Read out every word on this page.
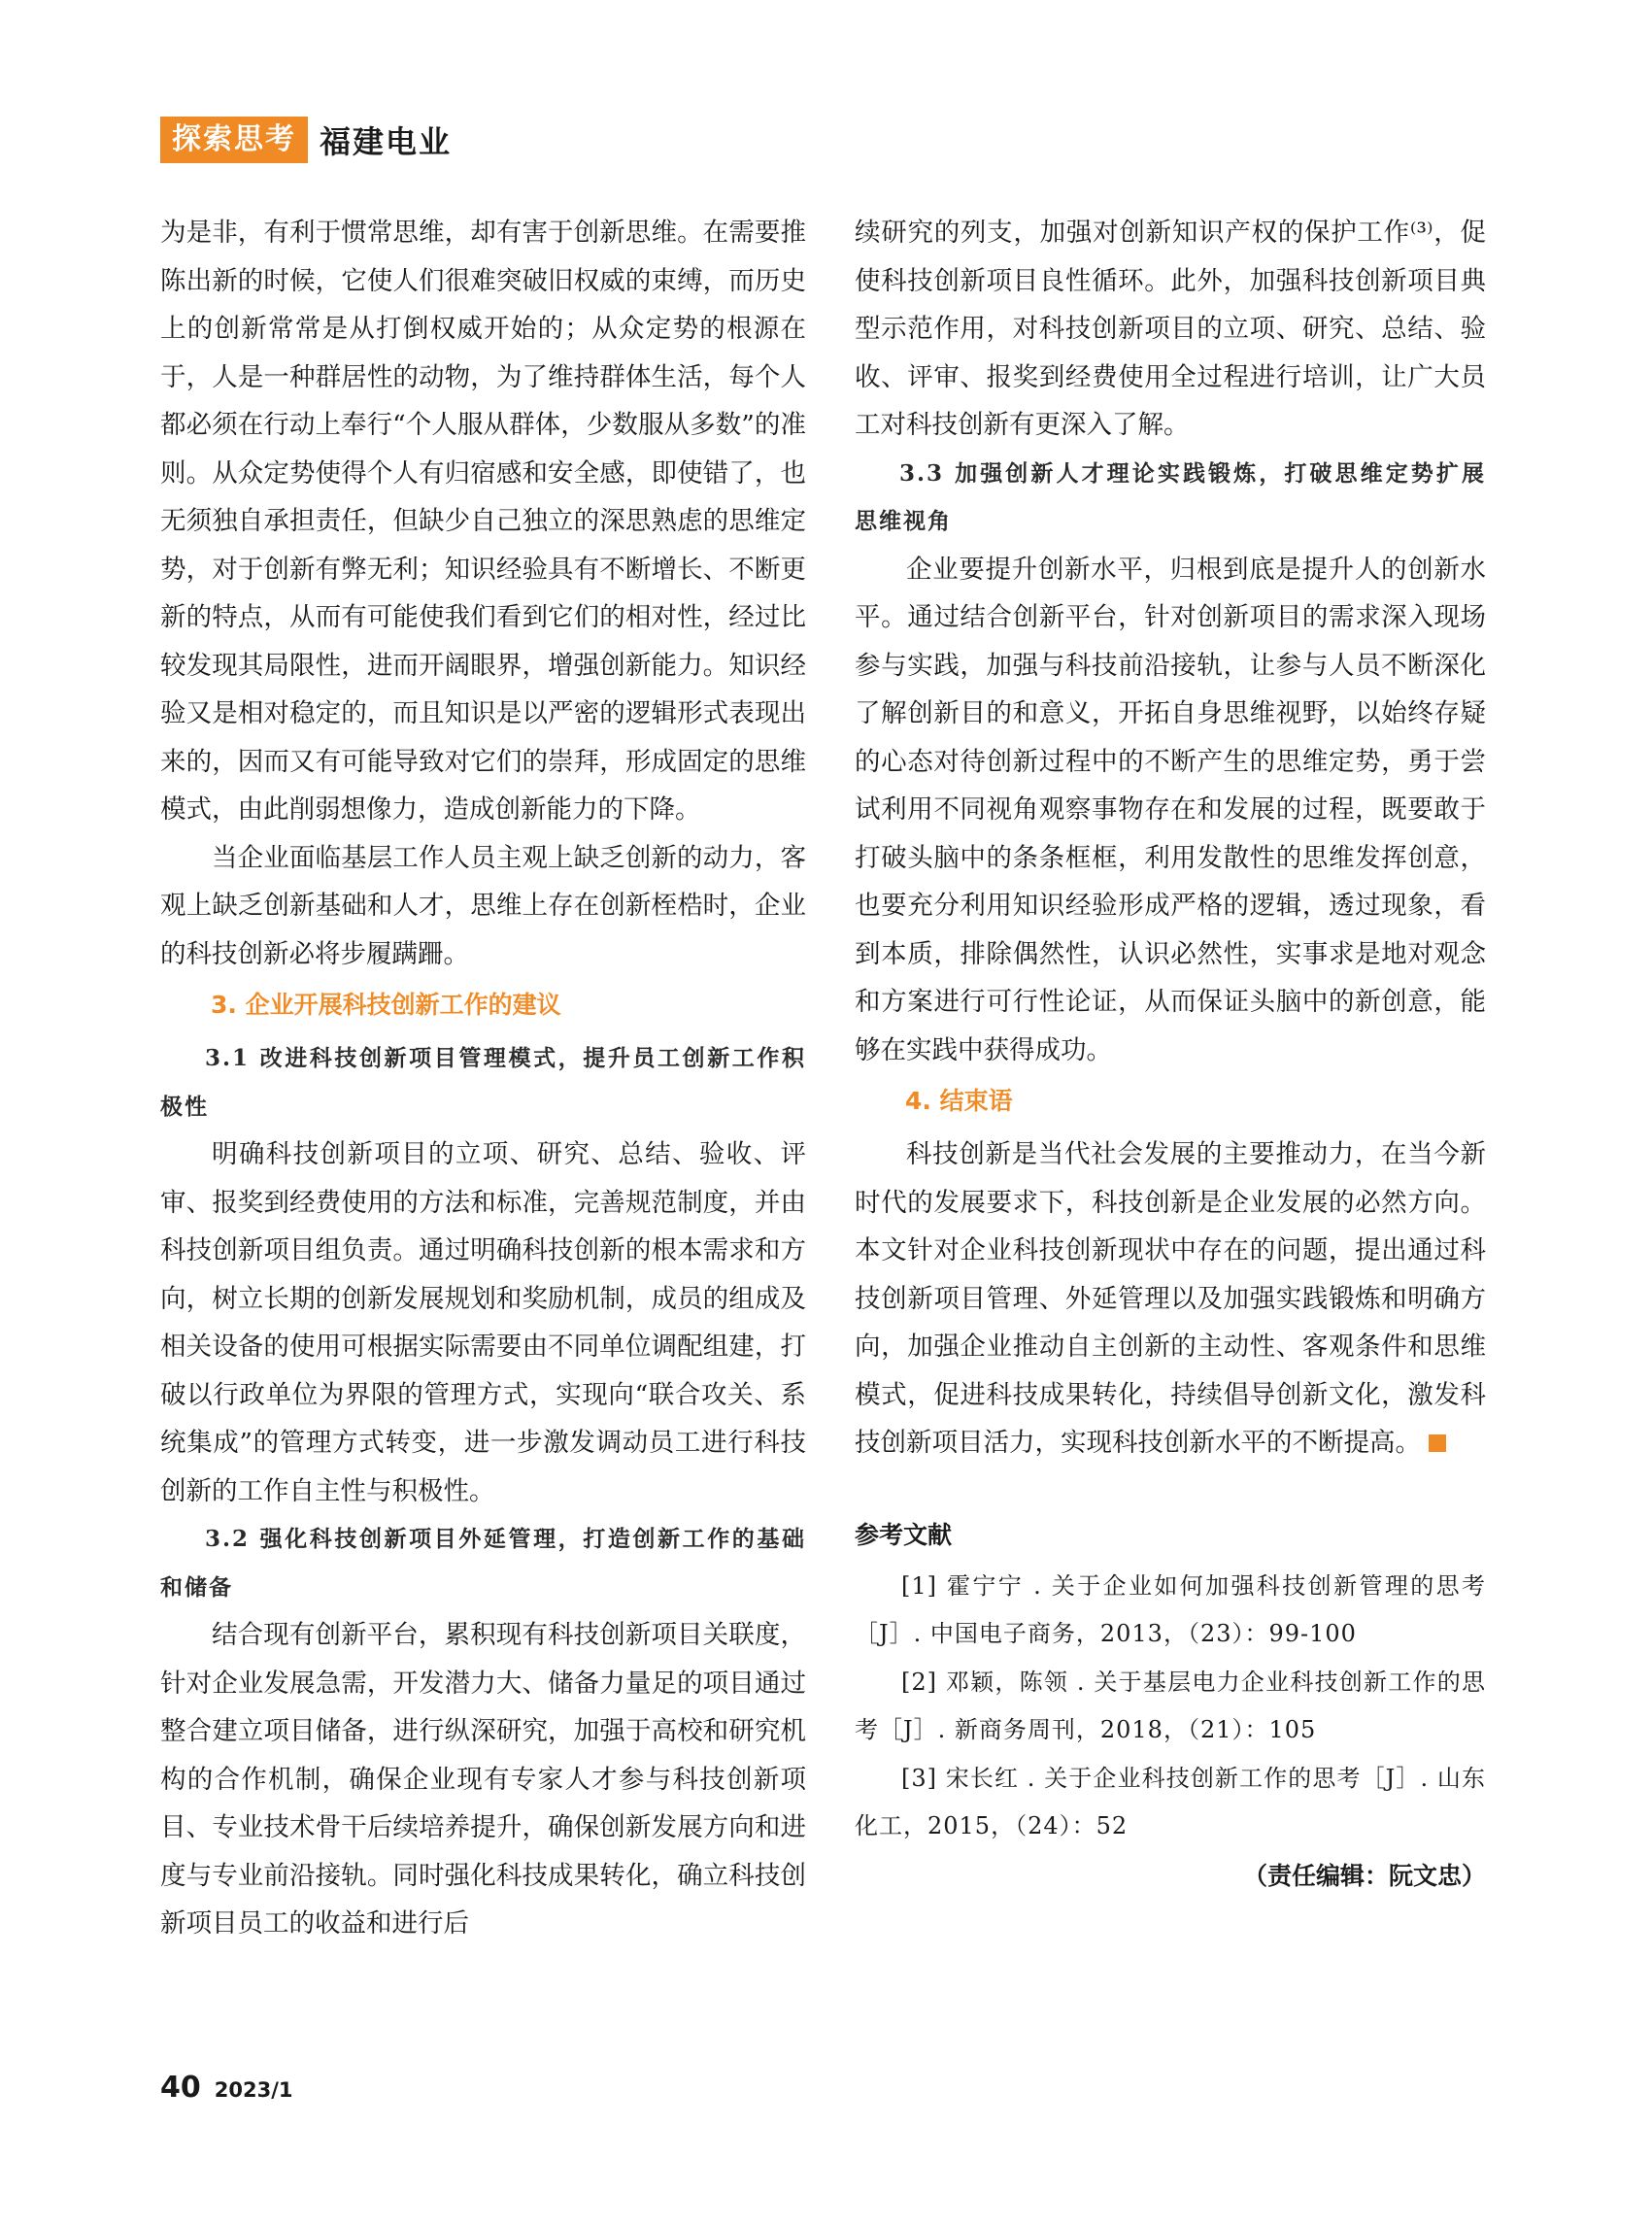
探索思考 福建电业

为是非，有利于惯常思维，却有害于创新思维。在需要推陈出新的时候，它使人们很难突破旧权威的束缚，而历史上的创新常常是从打倒权威开始的；从众定势的根源在于，人是一种群居性的动物，为了维持群体生活，每个人都必须在行动上奉行“个人服从群体，少数服从多数”的准则。从众定势使得个人有归宿感和安全感，即使错了，也无须独自承担责任，但缺少自己独立的深思熟虑的思维定势，对于创新有弊无利；知识经验具有不断增长、不断更新的特点，从而有可能使我们看到它们的相对性，经过比较发现其局限性，进而开阔眼界，增强创新能力。知识经验又是相对稳定的，而且知识是以严密的逻辑形式表现出来的，因而又有可能导致对它们的崇拜，形成固定的思维模式，由此削弱想像力，造成创新能力的下降。

当企业面临基层工作人员主观上缺乏创新的动力，客观上缺乏创新基础和人才，思维上存在创新桎梏时，企业的科技创新必将步履蹒跚。

3. 企业开展科技创新工作的建议
3.1 改进科技创新项目管理模式，提升员工创新工作积极性

明确科技创新项目的立项、研究、总结、验收、评审、报奖到经费使用的方法和标准，完善规范制度，并由科技创新项目组负责。通过明确科技创新的根本需求和方向，树立长期的创新发展规划和奖励机制，成员的组成及相关设备的使用可根据实际需要由不同单位调配组建，打破以行政单位为界限的管理方式，实现向“联合攻关、系统集成”的管理方式转变，进一步激发调动员工进行科技创新的工作自主性与积极性。

3.2 强化科技创新项目外延管理，打造创新工作的基础和储备

结合现有创新平台，累积现有科技创新项目关联度，针对企业发展急需，开发潜力大、储备力量足的项目通过整合建立项目储备，进行纵深研究，加强于高校和研究机构的合作机制，确保企业现有专家人才参与科技创新项目、专业技术骨干后续培养提升，确保创新发展方向和进度与专业前沿接轨。同时强化科技成果转化，确立科技创新项目员工的收益和进行后

续研究的列支，加强对创新知识产权的保护工作⁽³⁾，促使科技创新项目良性循环。此外，加强科技创新项目典型示范作用，对科技创新项目的立项、研究、总结、验收、评审、报奖到经费使用全过程进行培训，让广大员工对科技创新有更深入了解。

3.3 加强创新人才理论实践锻炼，打破思维定势扩展思维视角

企业要提升创新水平，归根到底是提升人的创新水平。通过结合创新平台，针对创新项目的需求深入现场参与实践，加强与科技前沿接轨，让参与人员不断深化了解创新目的和意义，开拓自身思维视野，以始终存疑的心态对待创新过程中的不断产生的思维定势，勇于尝试利用不同视角观察事物存在和发展的过程，既要敢于打破头脑中的条条框框，利用发散性的思维发挥创意，也要充分利用知识经验形成严格的逻辑，透过现象，看到本质，排除偶然性，认识必然性，实事求是地对观念和方案进行可行性论证，从而保证头脑中的新创意，能够在实践中获得成功。

4. 结束语

科技创新是当代社会发展的主要推动力，在当今新时代的发展要求下，科技创新是企业发展的必然方向。本文针对企业科技创新现状中存在的问题，提出通过科技创新项目管理、外延管理以及加强实践锻炼和明确方向，加强企业推动自主创新的主动性、客观条件和思维模式，促进科技成果转化，持续倡导创新文化，激发科技创新项目活力，实现科技创新水平的不断提高。

参考文献

[1] 霍宁宁 . 关于企业如何加强科技创新管理的思考［J］. 中国电子商务，2013，（23）：99-100

[2] 邓颖，陈领 . 关于基层电力企业科技创新工作的思考［J］. 新商务周刊，2018，（21）：105

[3] 宋长红 . 关于企业科技创新工作的思考［J］. 山东化工，2015，（24）：52

（责任编辑：阮文忠）
40 2023/1
